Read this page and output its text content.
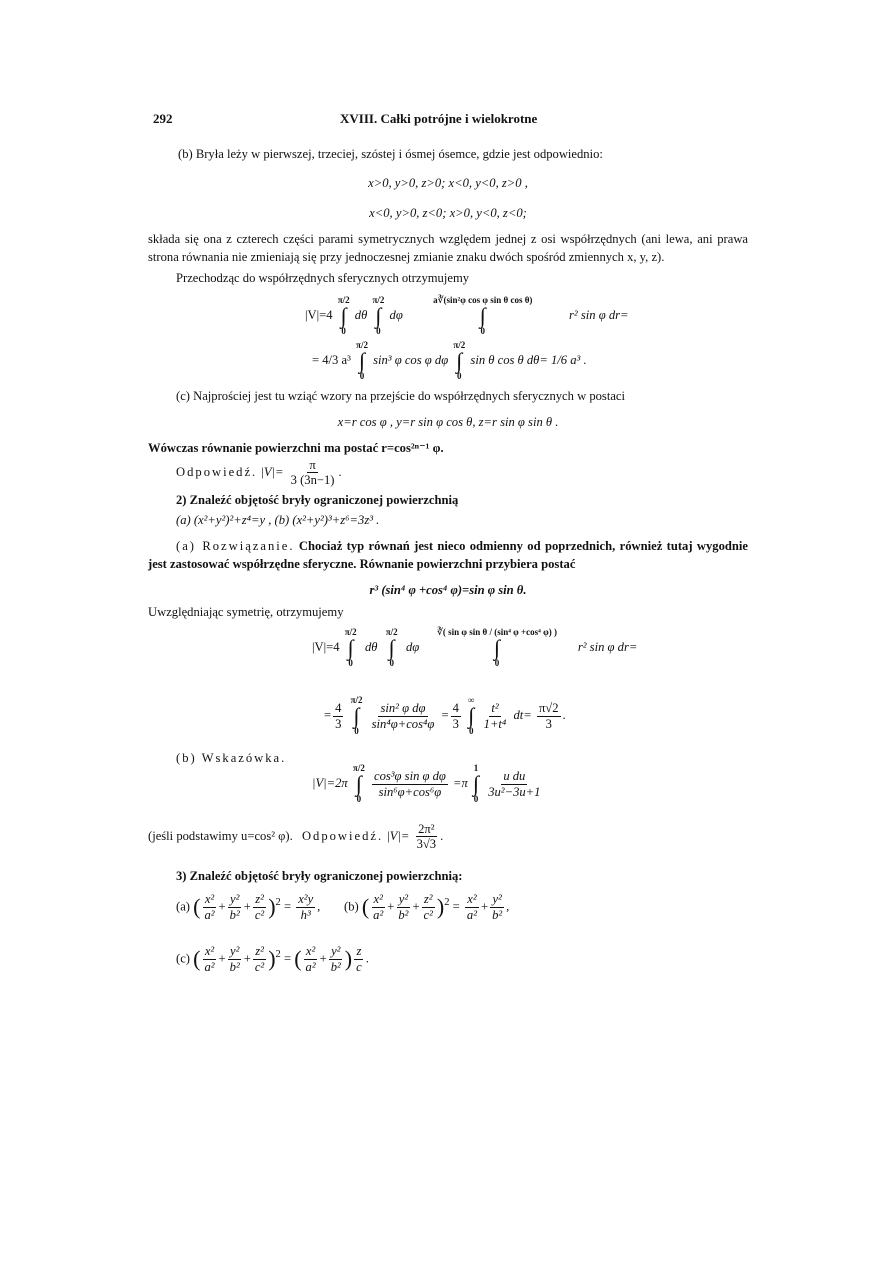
292	XVIII. Całki potrójne i wielokrotne

(b) Bryła leży w pierwszej, trzeciej, szóstej i ósmej ósemce, gdzie jest odpowiednio:

x>0, y>0, z>0; x<0, y<0, z>0 ,

x<0, y>0, z<0; x>0, y<0, z<0;

składa się ona z czterech części parami symetrycznych względem jednej z osi współrzędnych (ani lewa, ani prawa strona równania nie zmieniają się przy jednoczesnej zmianie znaku dwóch spośród zmiennych x, y, z).

Przechodząc do współrzędnych sferycznych otrzymujemy

|V|=4
π/2
∫
0
dθ
π/2
∫
0
dφ
a∛(sin²φ cos φ sin θ cos θ)
∫
0
r² sin φ dr=
= 4/3 a³
π/2
∫
0
sin³ φ cos φ dφ
π/2
∫
0
sin θ cos θ dθ= 1/6 a³ .

(c) Najprościej jest tu wziąć wzory na przejście do współrzędnych sferycznych w postaci

x=r cos φ , y=r sin φ cos θ, z=r sin φ sin θ .

Wówczas równanie powierzchni ma postać r=cos²ⁿ⁻¹ φ.

Odpowiedź. $|V|= \frac{\pi}{3 (3n-1)}$ .

2) Znaleźć objętość bryły ograniczonej powierzchnią

(a) (x²+y²)²+z⁴=y , (b) (x²+y²)³+z⁶=3z³ .

(a) Rozwiązanie. Chociaż typ równań jest nieco odmienny od poprzednich, również tutaj wygodnie jest zastosować współrzędne sferyczne. Równanie powierzchni przybiera postać

r³ (sin⁴ φ +cos⁴ φ)=sin φ sin θ.

Uwzględniając symetrię, otrzymujemy

|V|=4
π/2
∫
0
dθ
π/2
∫
0
dφ
∛( sin φ sin θ / (sin⁴ φ +cos⁴ φ) )
∫
0
r² sin φ dr=
= $\frac{4}{3}$

π/2
∫
0

$\frac{\text{sin² φ dφ}}{\text{sin⁴φ+cos⁴φ}} = \frac{4}{3}$

∞
∫
0

$\frac{\text{t²}}{\text{1+t⁴}} dt= \frac{\pi√2}{3}$ .

(b) Wskazówka.

|V|=2π
π/2
∫
0

$\frac{\text{cos³φ sin φ dφ}}{\text{sin⁶φ+cos⁶φ}} =\pi$
1
∫
0

$\frac{\text{u du}}{\text{3u²−3u+1}}$
(jeśli podstawimy u=cos² φ). Odpowiedź. $|V|= \frac{\text{2π²}}{3√3}$ .

3) Znaleźć objętość bryły ograniczonej powierzchnią:

(a) ( $\frac{\text{x²}}{\text{a²}} + \frac{\text{y²}}{\text{b²}} + \frac{\text{z²}}{\text{c²}} )^2 = \frac{\text{x²y}}{\text{h³}}$ , (b) ( $\frac{\text{x²}}{\text{a²}} + \frac{\text{y²}}{\text{b²}} + \frac{\text{z²}}{\text{c²}} )^2 = \frac{\text{x²}}{\text{a²}} + \frac{\text{y²}}{\text{b²}}$ ,
(c) ( $\frac{\text{x²}}{\text{a²}} + \frac{\text{y²}}{\text{b²}} + \frac{\text{z²}}{\text{c²}} )^2$ = ( $\frac{\text{x²}}{\text{a²}} + \frac{\text{y²}}{\text{b²}}$ ) $\frac{z}{c}$ .
